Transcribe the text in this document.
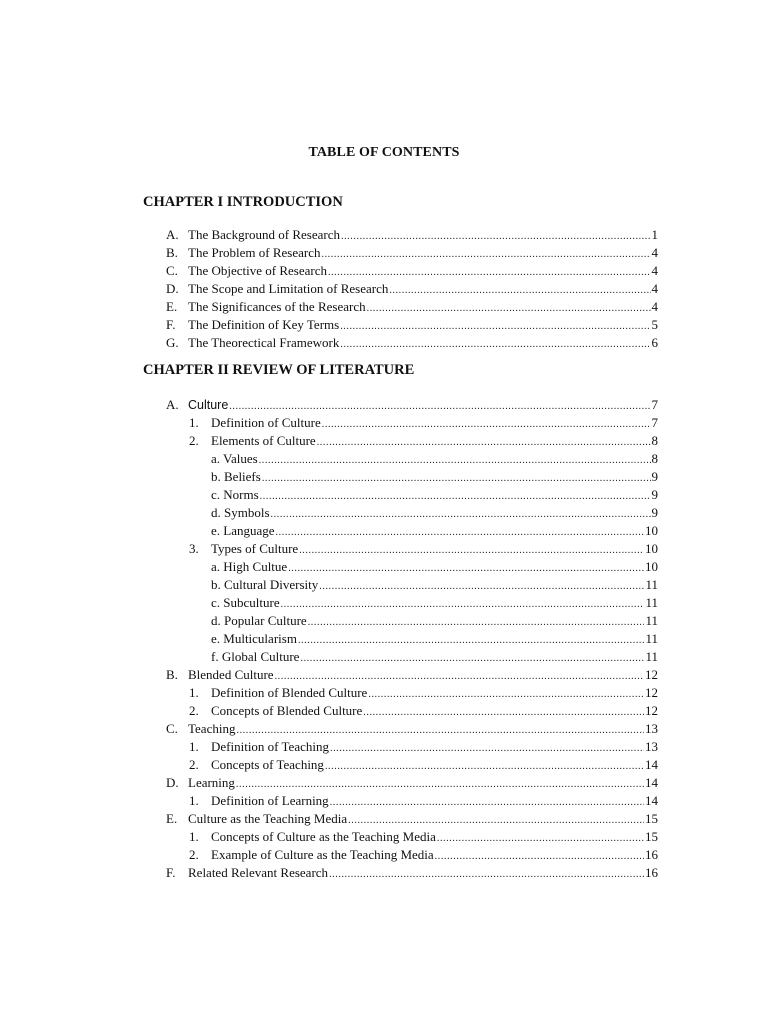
TABLE OF CONTENTS
CHAPTER I INTRODUCTION
A. The Background of Research .....	1
B. The Problem of Research .....	4
C. The Objective of Research .....	4
D. The Scope and Limitation of Research .....	4
E. The Significances of the Research .....	4
F. The Definition of Key Terms .....	5
G. The Theorectical Framework .....	6
CHAPTER II REVIEW OF LITERATURE
A. Culture .....	7
1. Definition of Culture .....	7
2. Elements of Culture .....	8
a. Values .....	8
b. Beliefs .....	9
c. Norms .....	9
d. Symbols .....	9
e. Language .....	10
3. Types of Culture .....	10
a. High Cultue .....	10
b. Cultural Diversity .....	11
c. Subculture .....	11
d. Popular Culture .....	11
e. Multicularism .....	11
f. Global Culture .....	11
B. Blended Culture .....	12
1. Definition of Blended Culture .....	12
2. Concepts of Blended Culture .....	12
C. Teaching .....	13
1. Definition of Teaching .....	13
2. Concepts of Teaching .....	14
D. Learning .....	14
1. Definition of Learning .....	14
E. Culture as the Teaching Media .....	15
1. Concepts of Culture as the Teaching Media .....	15
2. Example of Culture as the Teaching Media .....	16
F. Related Relevant Research .....	16
